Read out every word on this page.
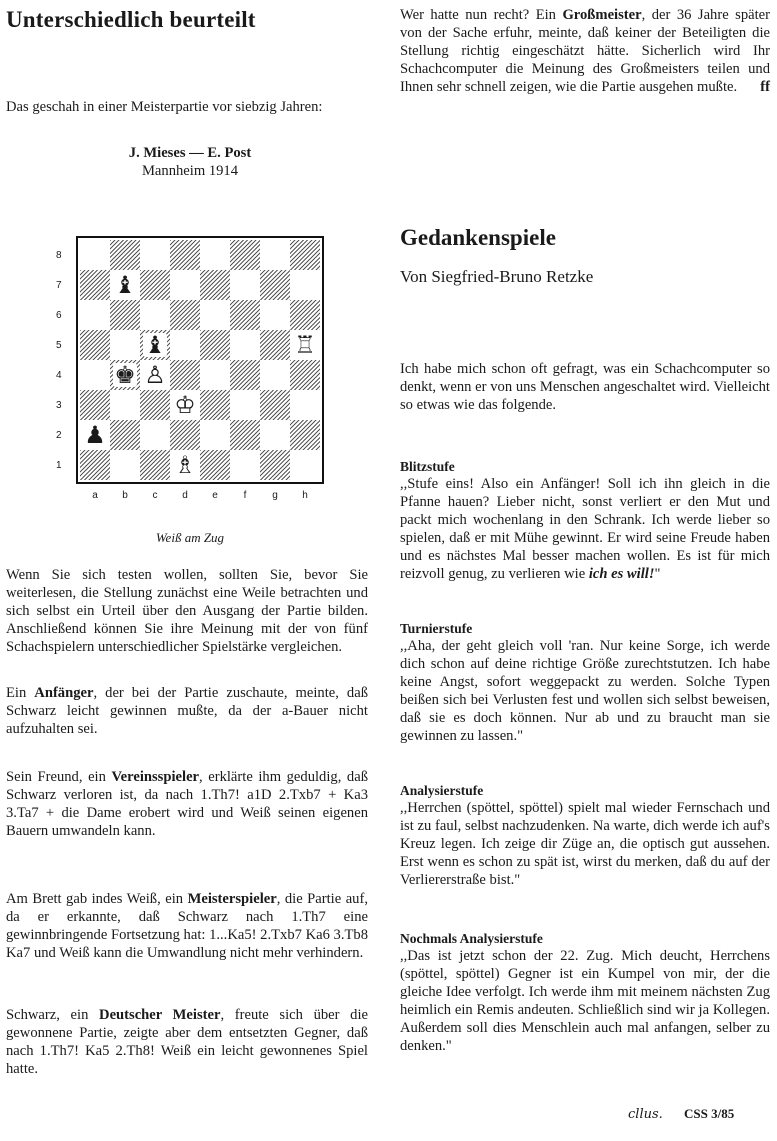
Unterschiedlich beurteilt

Das geschah in einer Meisterpartie vor siebzig Jahren:

J. Mieses — E. Post
Mannheim 1914
8
7
6
5
4
3
2
1
♝
♝	♖
♚ ♙
♔
♟
♗
a	b	c	d	e	f	g	h
Weiß am Zug

Wenn Sie sich testen wollen, sollten Sie, bevor Sie weiterlesen, die Stellung zunächst eine Weile betrachten und sich selbst ein Urteil über den Ausgang der Partie bilden. Anschließend können Sie ihre Meinung mit der von fünf Schachspielern unterschiedlicher Spielstärke vergleichen.

Ein Anfänger, der bei der Partie zuschaute, meinte, daß Schwarz leicht gewinnen mußte, da der a-Bauer nicht aufzuhalten sei.

Sein Freund, ein Vereinsspieler, erklärte ihm geduldig, daß Schwarz verloren ist, da nach 1.Th7! a1D 2.Txb7 + Ka3 3.Ta7 + die Dame erobert wird und Weiß seinen eigenen Bauern umwandeln kann.

Am Brett gab indes Weiß, ein Meisterspieler, die Partie auf, da er erkannte, daß Schwarz nach 1.Th7 eine gewinnbringende Fortsetzung hat: 1...Ka5! 2.Txb7 Ka6 3.Tb8 Ka7 und Weiß kann die Umwandlung nicht mehr verhindern.

Schwarz, ein Deutscher Meister, freute sich über die gewonnene Partie, zeigte aber dem entsetzten Gegner, daß nach 1.Th7! Ka5 2.Th8! Weiß ein leicht gewonnenes Spiel hatte.

Wer hatte nun recht? Ein Großmeister, der 36 Jahre später von der Sache erfuhr, meinte, daß keiner der Beteiligten die Stellung richtig eingeschätzt hätte. Sicherlich wird Ihr Schachcomputer die Meinung des Großmeisters teilen und Ihnen sehr schnell zeigen, wie die Partie ausgehen mußte. ff

Gedankenspiele
Von Siegfried-Bruno Retzke

Ich habe mich schon oft gefragt, was ein Schachcomputer so denkt, wenn er von uns Menschen angeschaltet wird. Vielleicht so etwas wie das folgende.

Blitzstufe

,,Stufe eins! Also ein Anfänger! Soll ich ihn gleich in die Pfanne hauen? Lieber nicht, sonst verliert er den Mut und packt mich wochenlang in den Schrank. Ich werde lieber so spielen, daß er mit Mühe gewinnt. Er wird seine Freude haben und es nächstes Mal besser machen wollen. Es ist für mich reizvoll genug, zu verlieren wie ich es will!"

Turnierstufe

,,Aha, der geht gleich voll 'ran. Nur keine Sorge, ich werde dich schon auf deine richtige Größe zurechtstutzen. Ich habe keine Angst, sofort weggepackt zu werden. Solche Typen beißen sich bei Verlusten fest und wollen sich selbst beweisen, daß sie es doch können. Nur ab und zu braucht man sie gewinnen zu lassen."

Analysierstufe

,,Herrchen (spöttel, spöttel) spielt mal wieder Fernschach und ist zu faul, selbst nachzudenken. Na warte, dich werde ich auf's Kreuz legen. Ich zeige dir Züge an, die optisch gut aussehen. Erst wenn es schon zu spät ist, wirst du merken, daß du auf der Verliererstraße bist."

Nochmals Analysierstufe

,,Das ist jetzt schon der 22. Zug. Mich deucht, Herrchens (spöttel, spöttel) Gegner ist ein Kumpel von mir, der die gleiche Idee verfolgt. Ich werde ihm mit meinem nächsten Zug heimlich ein Remis andeuten. Schließlich sind wir ja Kollegen. Außerdem soll dies Menschlein auch mal anfangen, selber zu denken."

cllus. CSS 3/85
